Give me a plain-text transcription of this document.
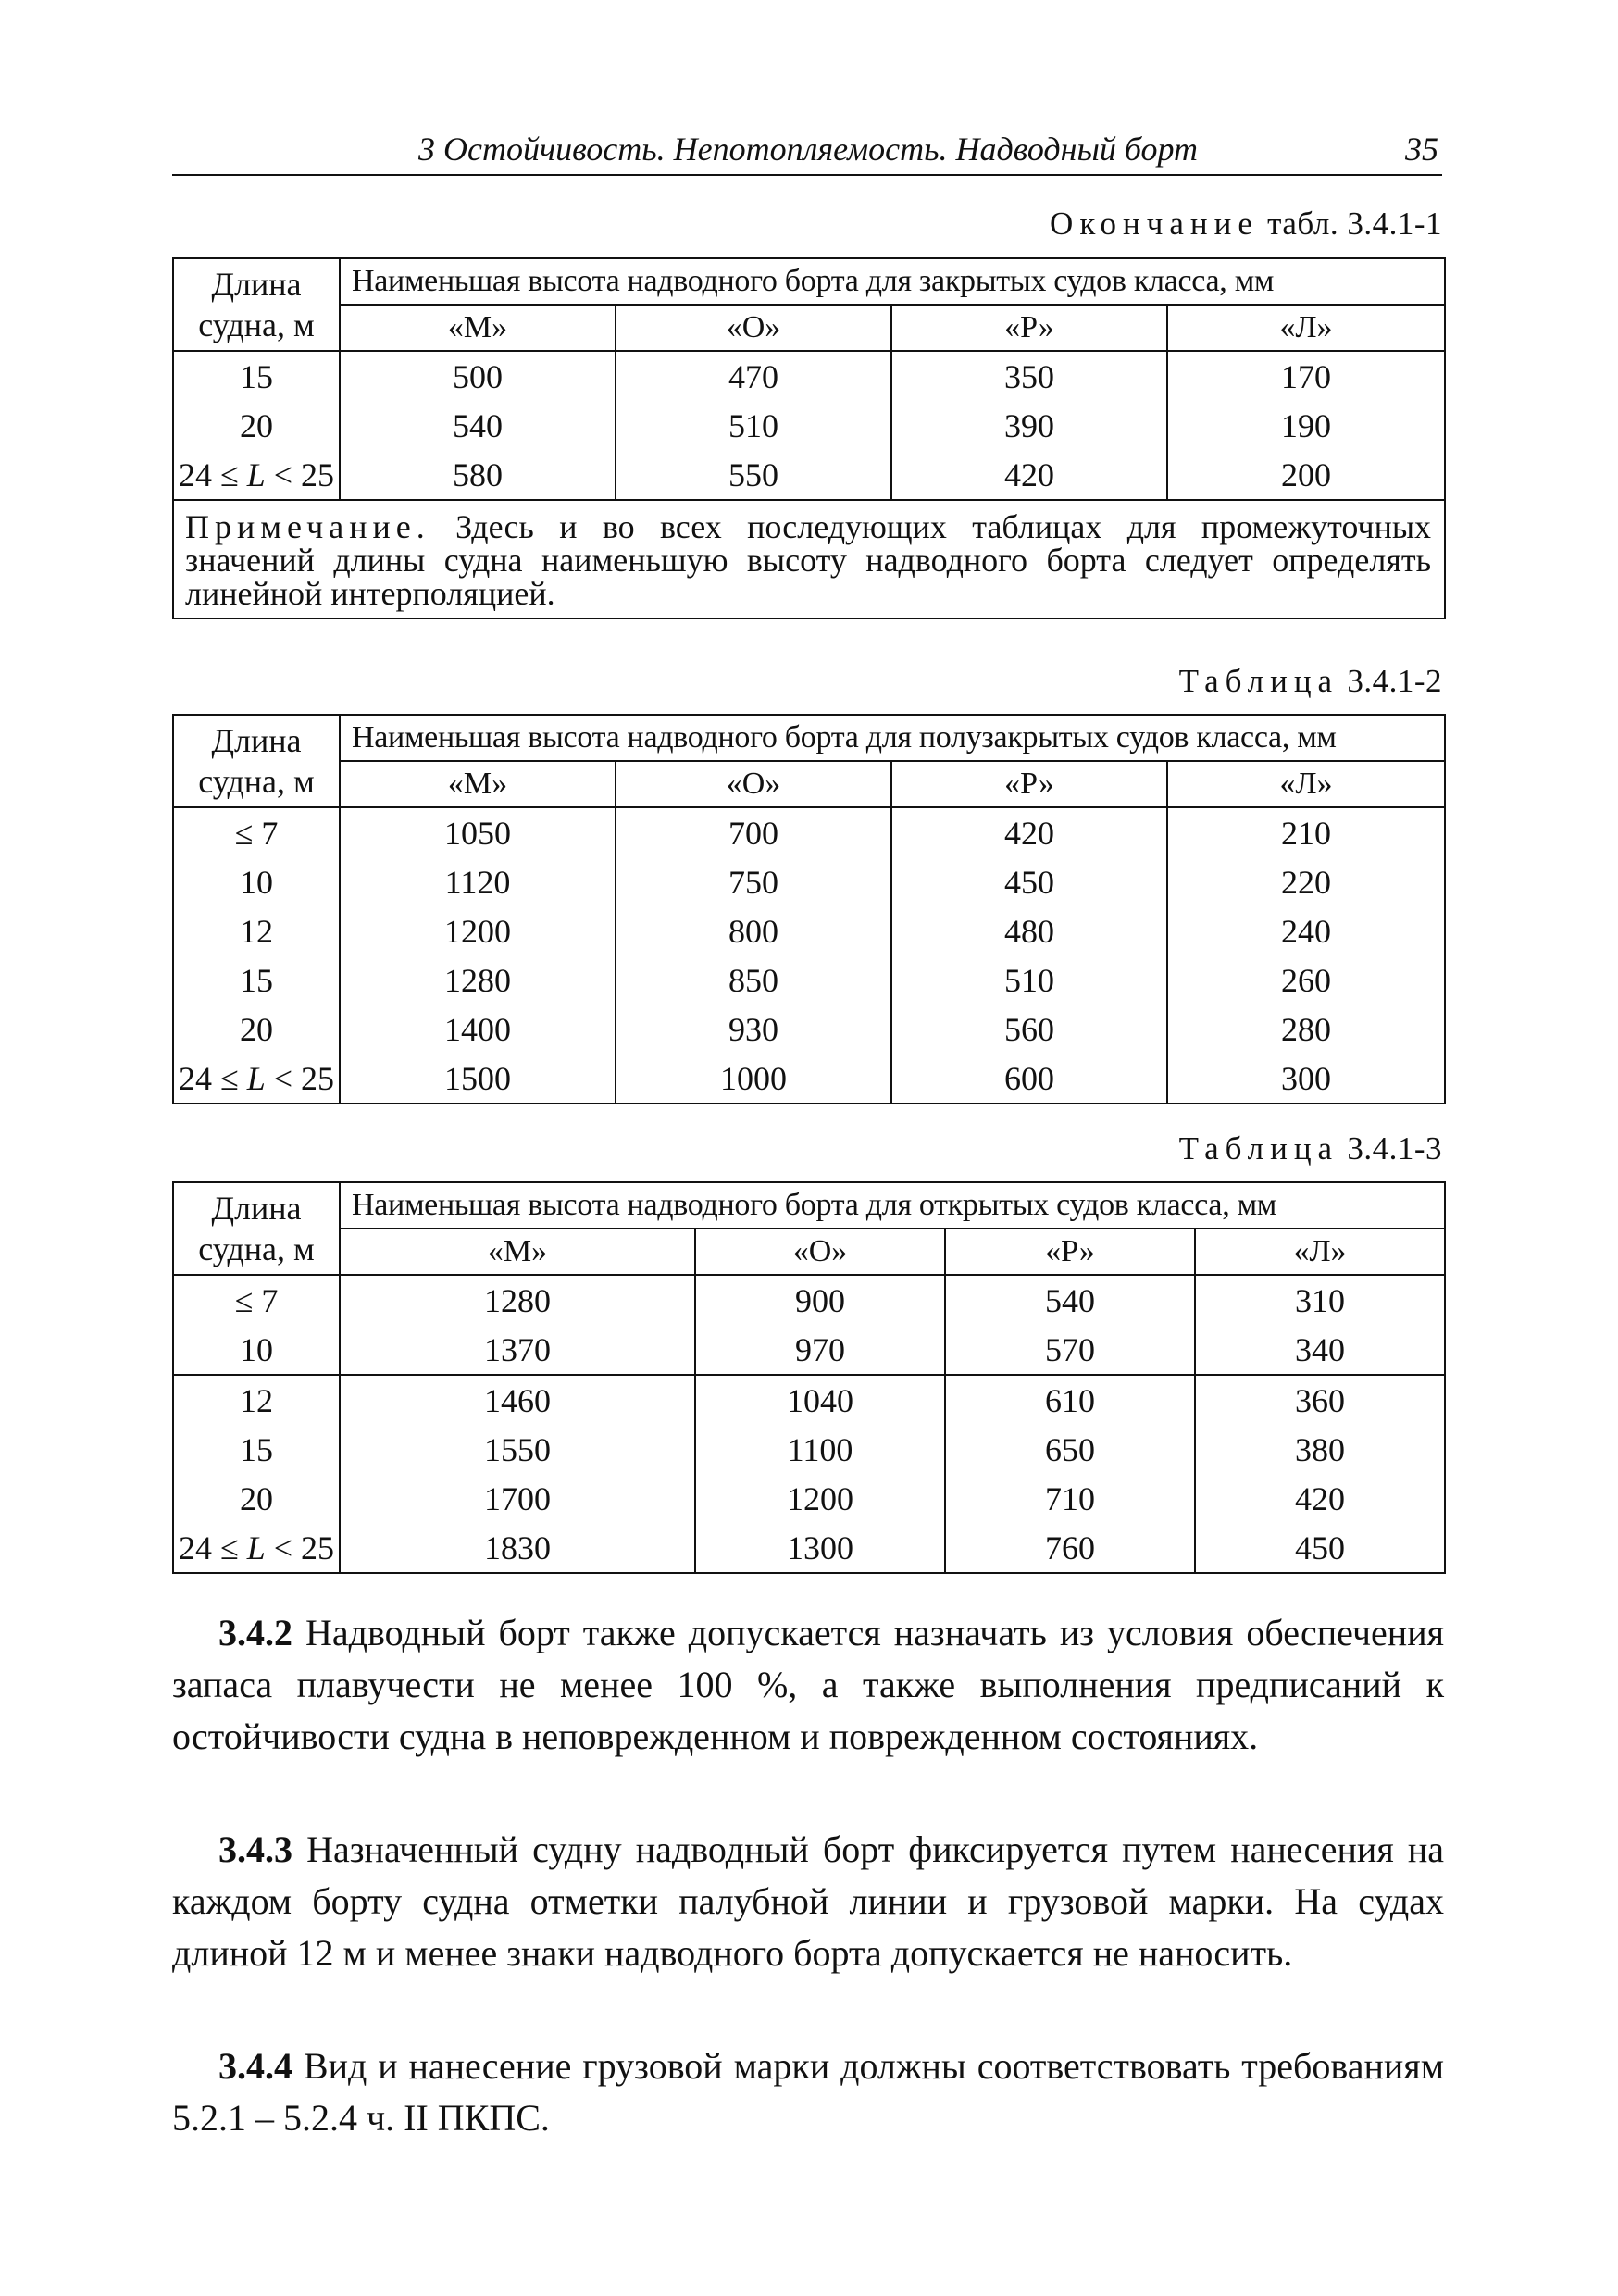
3 Остойчивость. Непотопляемость. Надводный борт	35
Окончание табл. 3.4.1-1
Длина
судна, м	Наименьшая высота надводного борта для закрытых судов класса, мм			
	«М»	«О»	«Р»	«Л»
15	500	470	350	170
20	540	510	390	190
24 ≤ L < 25	580	550	420	200
Примечание. Здесь и во всех последующих таблицах для промежуточных значений длины судна наименьшую высоту надводного борта следует определять линейной интерполяцией.				
Таблица 3.4.1-2
Длина
судна, м	Наименьшая высота надводного борта для полузакрытых судов класса, мм			
	«М»	«О»	«Р»	«Л»
≤ 7	1050	700	420	210
10	1120	750	450	220
12	1200	800	480	240
15	1280	850	510	260
20	1400	930	560	280
24 ≤ L < 25	1500	1000	600	300
Таблица 3.4.1-3
Длина
судна, м	Наименьшая высота надводного борта для открытых судов класса, мм			
	«М»	«О»	«Р»	«Л»
≤ 7	1280	900	540	310
10	1370	970	570	340
12	1460	1040	610	360
15	1550	1100	650	380
20	1700	1200	710	420
24 ≤ L < 25	1830	1300	760	450
3.4.2 Надводный борт также допускается назначать из условия обеспечения запаса плавучести не менее 100 %, а также выполнения предписаний к остойчивости судна в неповрежденном и поврежденном состояниях.
3.4.3 Назначенный судну надводный борт фиксируется путем нанесения на каждом борту судна отметки палубной линии и грузовой марки. На судах длиной 12 м и менее знаки надводного борта допускается не наносить.
3.4.4 Вид и нанесение грузовой марки должны соответствовать требованиям 5.2.1 – 5.2.4 ч. II ПКПС.
